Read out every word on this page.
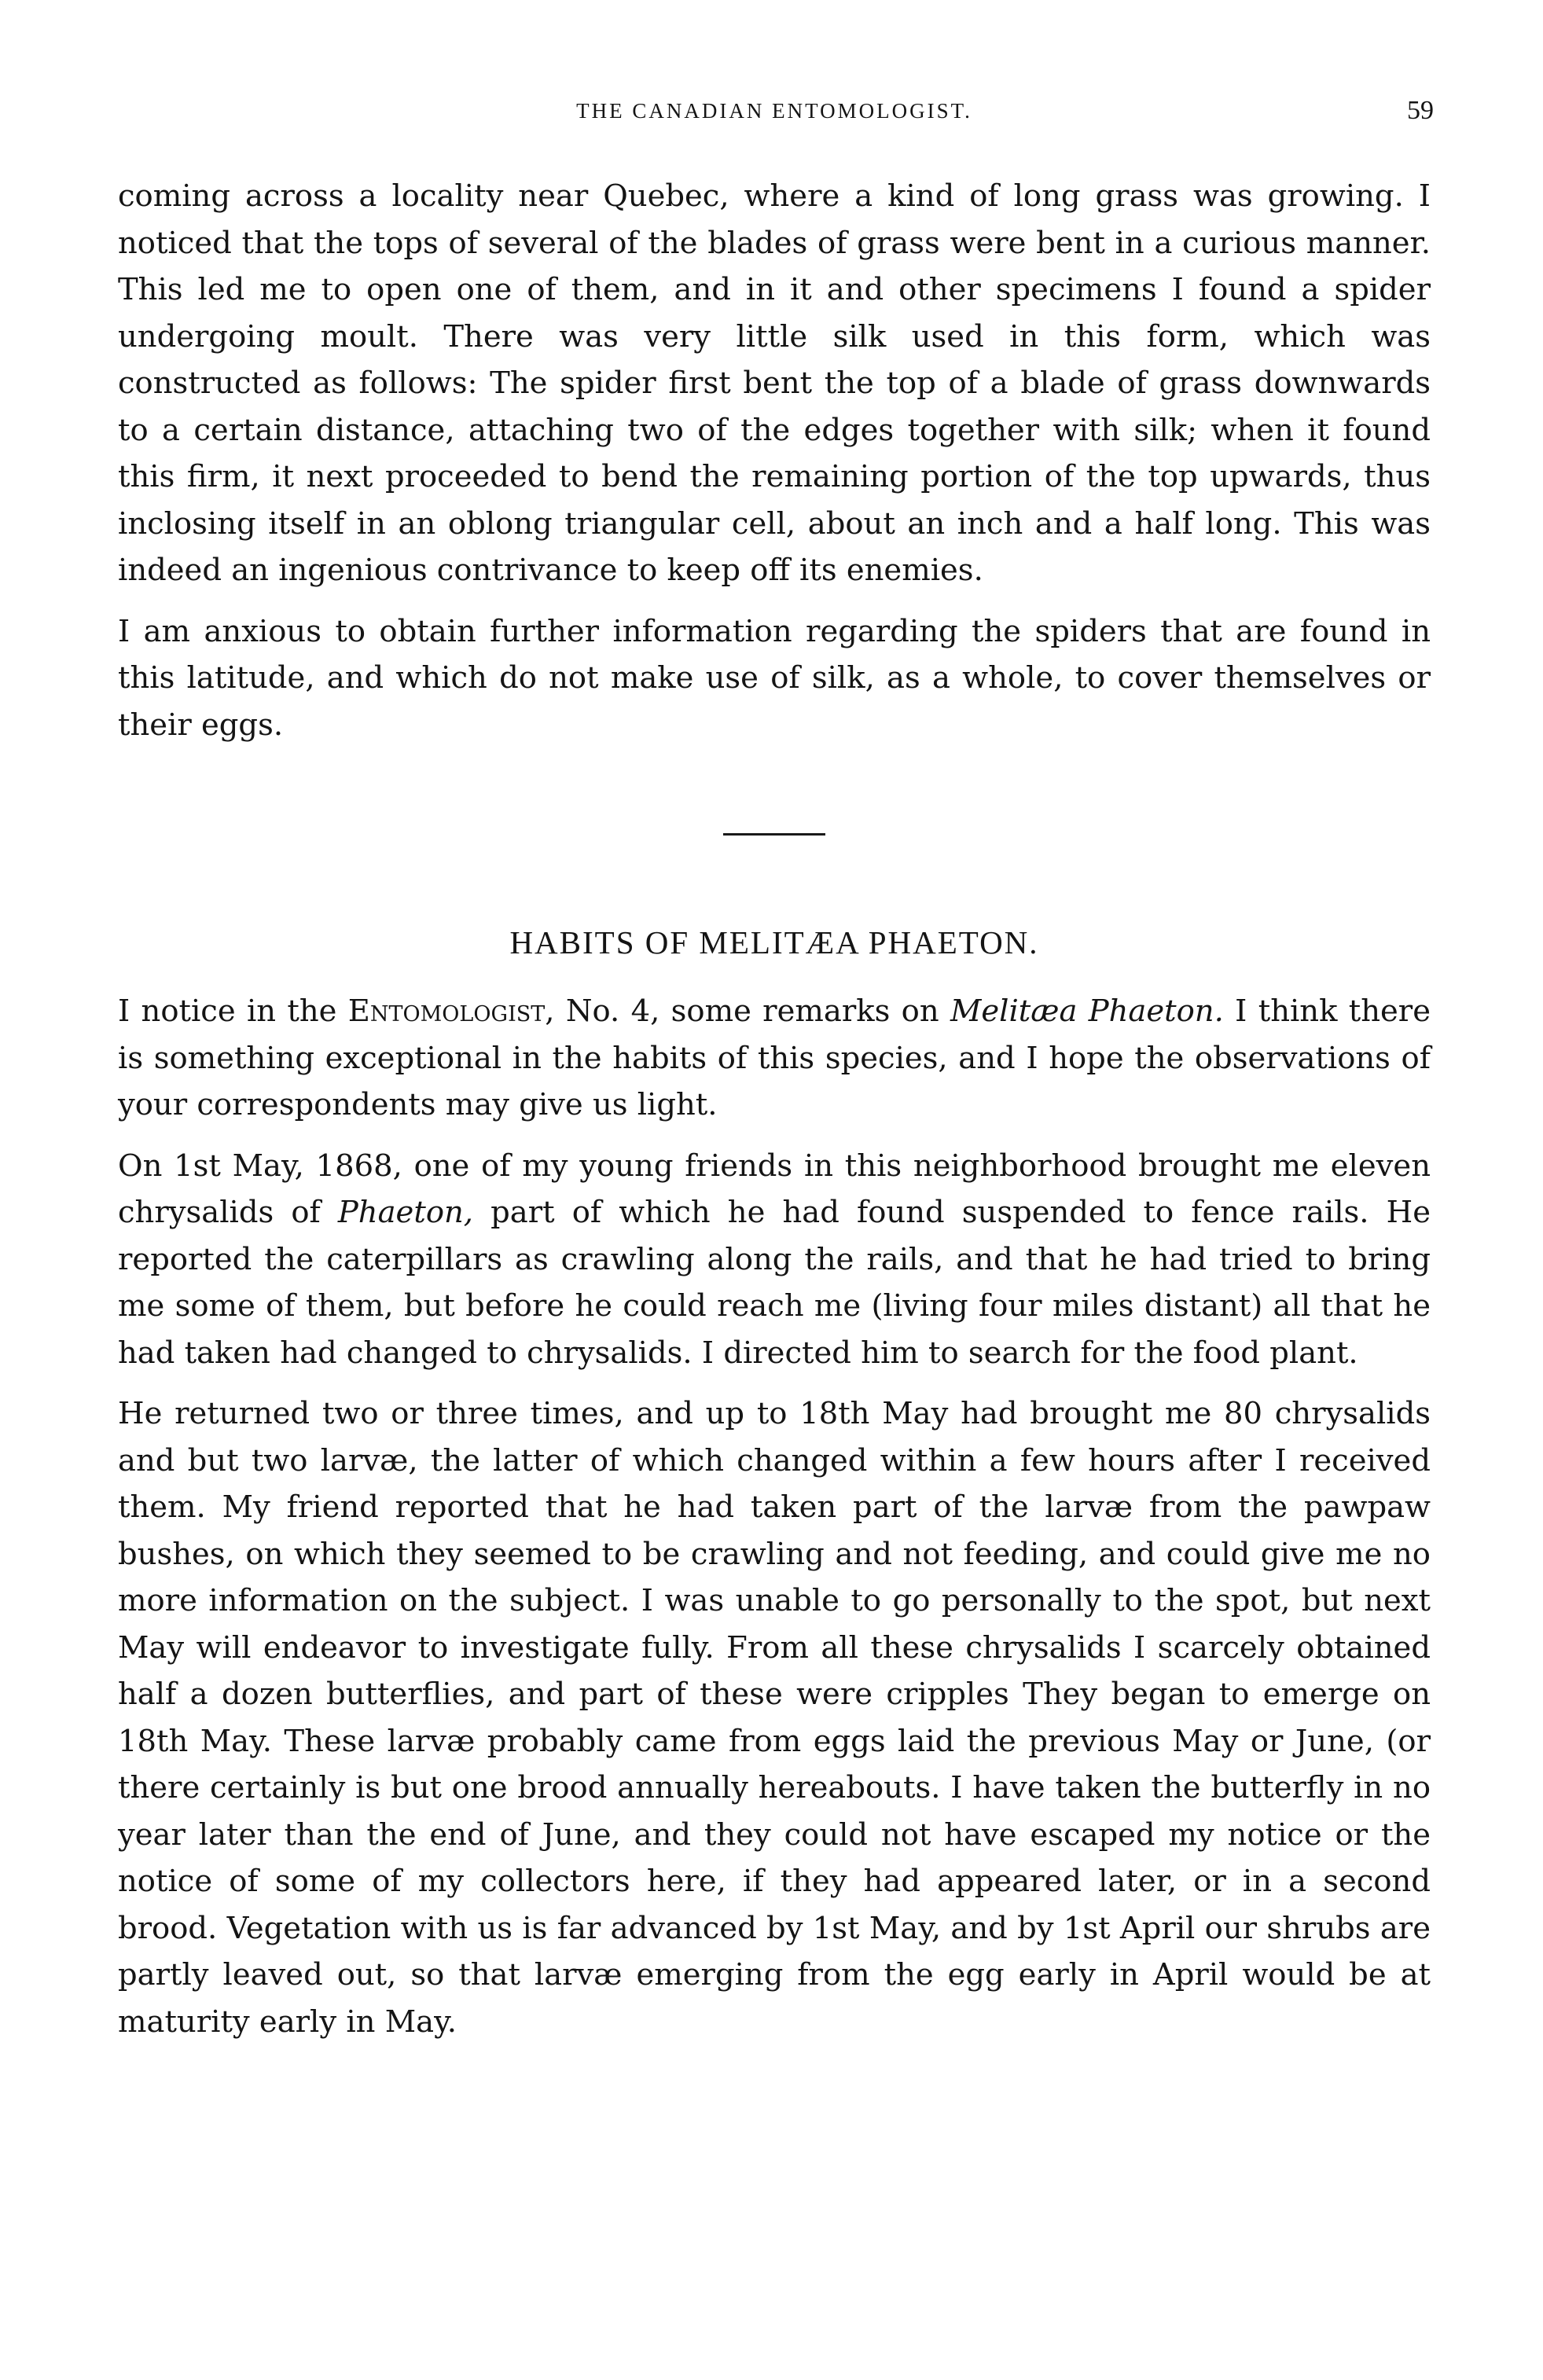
THE CANADIAN ENTOMOLOGIST.	59

coming across a locality near Quebec, where a kind of long grass was growing. I noticed that the tops of several of the blades of grass were bent in a curious manner. This led me to open one of them, and in it and other specimens I found a spider undergoing moult. There was very little silk used in this form, which was constructed as follows: The spider first bent the top of a blade of grass downwards to a certain distance, attaching two of the edges together with silk; when it found this firm, it next proceeded to bend the remaining portion of the top upwards, thus inclosing itself in an oblong triangular cell, about an inch and a half long. This was indeed an ingenious contrivance to keep off its enemies.

I am anxious to obtain further information regarding the spiders that are found in this latitude, and which do not make use of silk, as a whole, to cover themselves or their eggs.

HABITS OF MELITÆA PHAETON.

I notice in the Entomologist, No. 4, some remarks on Melitæa Phaeton. I think there is something exceptional in the habits of this species, and I hope the observations of your correspondents may give us light.

On 1st May, 1868, one of my young friends in this neighborhood brought me eleven chrysalids of Phaeton, part of which he had found suspended to fence rails. He reported the caterpillars as crawling along the rails, and that he had tried to bring me some of them, but before he could reach me (living four miles distant) all that he had taken had changed to chrysalids. I directed him to search for the food plant.

He returned two or three times, and up to 18th May had brought me 80 chrysalids and but two larvæ, the latter of which changed within a few hours after I received them. My friend reported that he had taken part of the larvæ from the pawpaw bushes, on which they seemed to be crawling and not feeding, and could give me no more information on the subject. I was unable to go personally to the spot, but next May will endeavor to investigate fully. From all these chrysalids I scarcely obtained half a dozen butterflies, and part of these were cripples They began to emerge on 18th May. These larvæ probably came from eggs laid the previous May or June, (or there certainly is but one brood annually hereabouts. I have taken the butterfly in no year later than the end of June, and they could not have escaped my notice or the notice of some of my collectors here, if they had appeared later, or in a second brood. Vegetation with us is far advanced by 1st May, and by 1st April our shrubs are partly leaved out, so that larvæ emerging from the egg early in April would be at maturity early in May.
